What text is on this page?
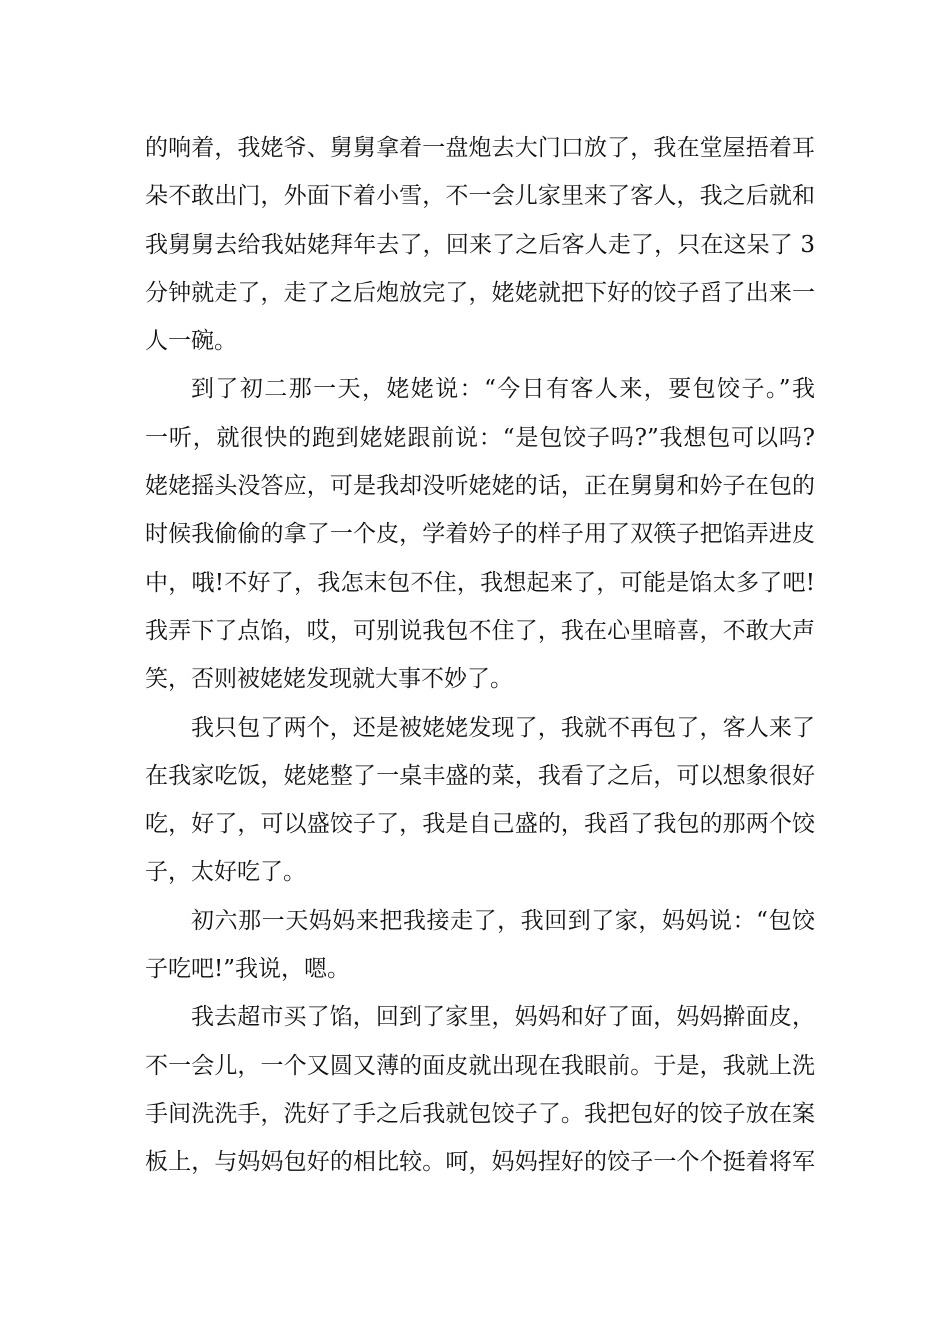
的响着，我姥爷、舅舅拿着一盘炮去大门口放了，我在堂屋捂着耳
朵不敢出门，外面下着小雪，不一会儿家里来了客人，我之后就和
我舅舅去给我姑姥拜年去了，回来了之后客人走了，只在这呆了 3
分钟就走了，走了之后炮放完了，姥姥就把下好的饺子舀了出来一
人一碗。
到了初二那一天，姥姥说：“今日有客人来，要包饺子。”我
一听，就很快的跑到姥姥跟前说：“是包饺子吗?”我想包可以吗?
姥姥摇头没答应，可是我却没听姥姥的话，正在舅舅和妗子在包的
时候我偷偷的拿了一个皮，学着妗子的样子用了双筷子把馅弄进皮
中，哦!不好了，我怎末包不住，我想起来了，可能是馅太多了吧!
我弄下了点馅，哎，可别说我包不住了，我在心里暗喜，不敢大声
笑，否则被姥姥发现就大事不妙了。
我只包了两个，还是被姥姥发现了，我就不再包了，客人来了
在我家吃饭，姥姥整了一桌丰盛的菜，我看了之后，可以想象很好
吃，好了，可以盛饺子了，我是自己盛的，我舀了我包的那两个饺
子，太好吃了。
初六那一天妈妈来把我接走了，我回到了家，妈妈说：“包饺
子吃吧!”我说，嗯。
我去超市买了馅，回到了家里，妈妈和好了面，妈妈擀面皮，
不一会儿，一个又圆又薄的面皮就出现在我眼前。于是，我就上洗
手间洗洗手，洗好了手之后我就包饺子了。我把包好的饺子放在案
板上，与妈妈包好的相比较。呵，妈妈捏好的饺子一个个挺着将军
